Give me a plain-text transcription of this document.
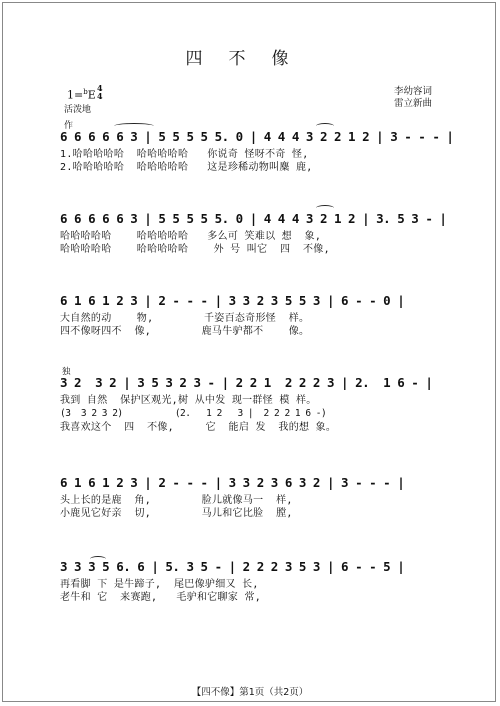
四不像
1=$^b$E
4
4
活泼地
作
李幼容词
雷立新曲
6 6 6 6 6 3 | 5 5 5 5 5. 0 | 4 4 4 3 2 2 1 2 | 3 - - - |
1.哈哈哈哈哈  哈哈哈哈哈   你说奇 怪呀不奇 怪,
2.哈哈哈哈哈  哈哈哈哈哈   这是珍稀动物叫麋 鹿,
6 6 6 6 6 3 | 5 5 5 5 5. 0 | 4 4 4 3 2 1 2 | 3. 5 3 - |
哈哈哈哈哈    哈哈哈哈哈   多么可 笑难以 想  象,
哈哈哈哈哈    哈哈哈哈哈    外 号 叫它  四  不像,
6 1 6 1 2 3 | 2 - - - | 3 3 2 3 5 5 3 | 6 - - 0 |
大自然的动    物,        千姿百态奇形怪  样。
四不像呀四不  像,        鹿马牛驴都不    像。
独
3 2  3 2 | 3 5 3 2 3 - | 2 2 1  2 2 2 3 | 2.  1 6 - |
我到 自然  保护区观光,树 从中发 现一群怪 模 样。
(3  3 2 3 2)          (2.   1 2   3 |  2 2 2 1 6 -)
我喜欢这个  四  不像,     它  能启 发  我的想 象。
6 1 6 1 2 3 | 2 - - - | 3 3 2 3 6 3 2 | 3 - - - |
头上长的是鹿  角,        脸儿就像马一  样,
小鹿见它好亲  切,        马儿和它比脸  膛,
3 3 3 5 6. 6 | 5. 3 5 - | 2 2 2 3 5 3 | 6 - - 5 |
再看脚 下 是牛蹄子,  尾巴像驴细又 长,
老牛和 它  来赛跑,   毛驴和它聊家 常,
【四不像】第1页（共2页）
